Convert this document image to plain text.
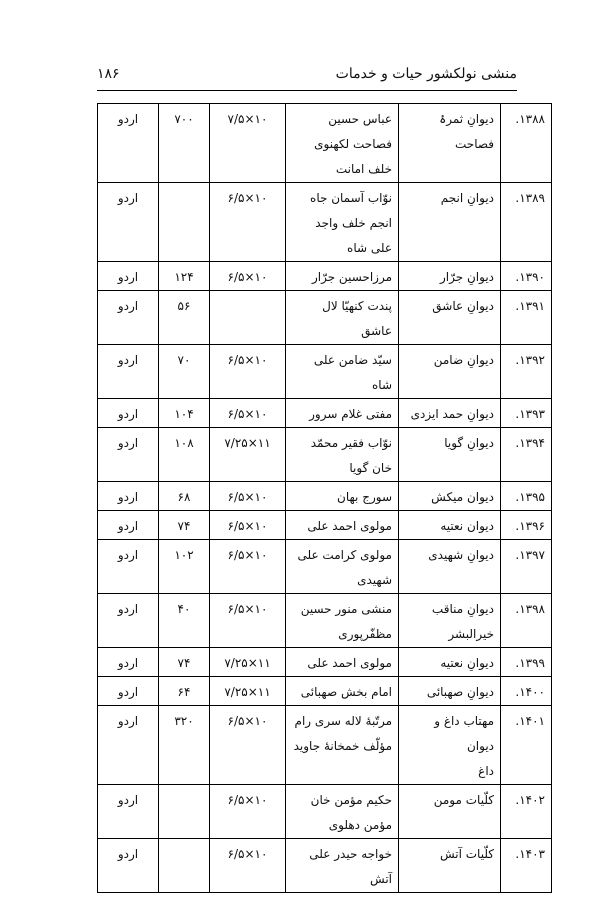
منشی نولکشور حیات و خدمات
۱۸۶
۱۳۸۸.	دیوانِ ثمرۂ
فصاحت	عباس حسین
فصاحت لکھنوی
خلف امانت	۱۰×۷/۵	۷۰۰	اردو
۱۳۸۹.	دیوانِ انجم	نوّاب آسمان جاه
انجم خلف واجد
علی شاه	۱۰×۶/۵		اردو
۱۳۹۰.	دیوانِ جرّار	مرزاحسین جرّار	۱۰×۶/۵	۱۲۴	اردو
۱۳۹۱.	دیوانِ عاشق	پندت کنهیّا لال عاشق		۵۶	اردو
۱۳۹۲.	دیوانِ ضامن	سیّد ضامن علی شاه	۱۰×۶/۵	۷۰	اردو
۱۳۹۳.	دیوانِ حمد ایزدی	مفتی غلام سرور	۱۰×۶/۵	۱۰۴	اردو
۱۳۹۴.	دیوانِ گویا	نوّاب فقیر محمّد
خان گویا	۱۱×۷/۲۵	۱۰۸	اردو
۱۳۹۵.	دیوان میکش	سورج بهان	۱۰×۶/۵	۶۸	اردو
۱۳۹۶.	دیوان نعتیه	مولوی احمد علی	۱۰×۶/۵	۷۴	اردو
۱۳۹۷.	دیوانِ شهیدی	مولوی کرامت علی
شهیدی	۱۰×۶/۵	۱۰۲	اردو
۱۳۹۸.	دیوانِ مناقب
خیرالبشر	منشی منور حسین
مظفّرپوری	۱۰×۶/۵	۴۰	اردو
۱۳۹۹.	دیوانِ نعتیه	مولوی احمد علی	۱۱×۷/۲۵	۷۴	اردو
۱۴۰۰.	دیوانِ صهبائی	امام بخش صهبائی	۱۱×۷/۲۵	۶۴	اردو
۱۴۰۱.	مهتاب داغ و دیوان
داغ	مرتّبهٔ لاله سری رام
مؤلّف خمخانهٔ جاوید	۱۰×۶/۵	۳۲۰	اردو
۱۴۰۲.	کلّیات مومن	حکیم مؤمن خان
مؤمن دهلوی	۱۰×۶/۵		اردو
۱۴۰۳.	کلّیات آتش	خواجه حیدر علی
آتش	۱۰×۶/۵		اردو
